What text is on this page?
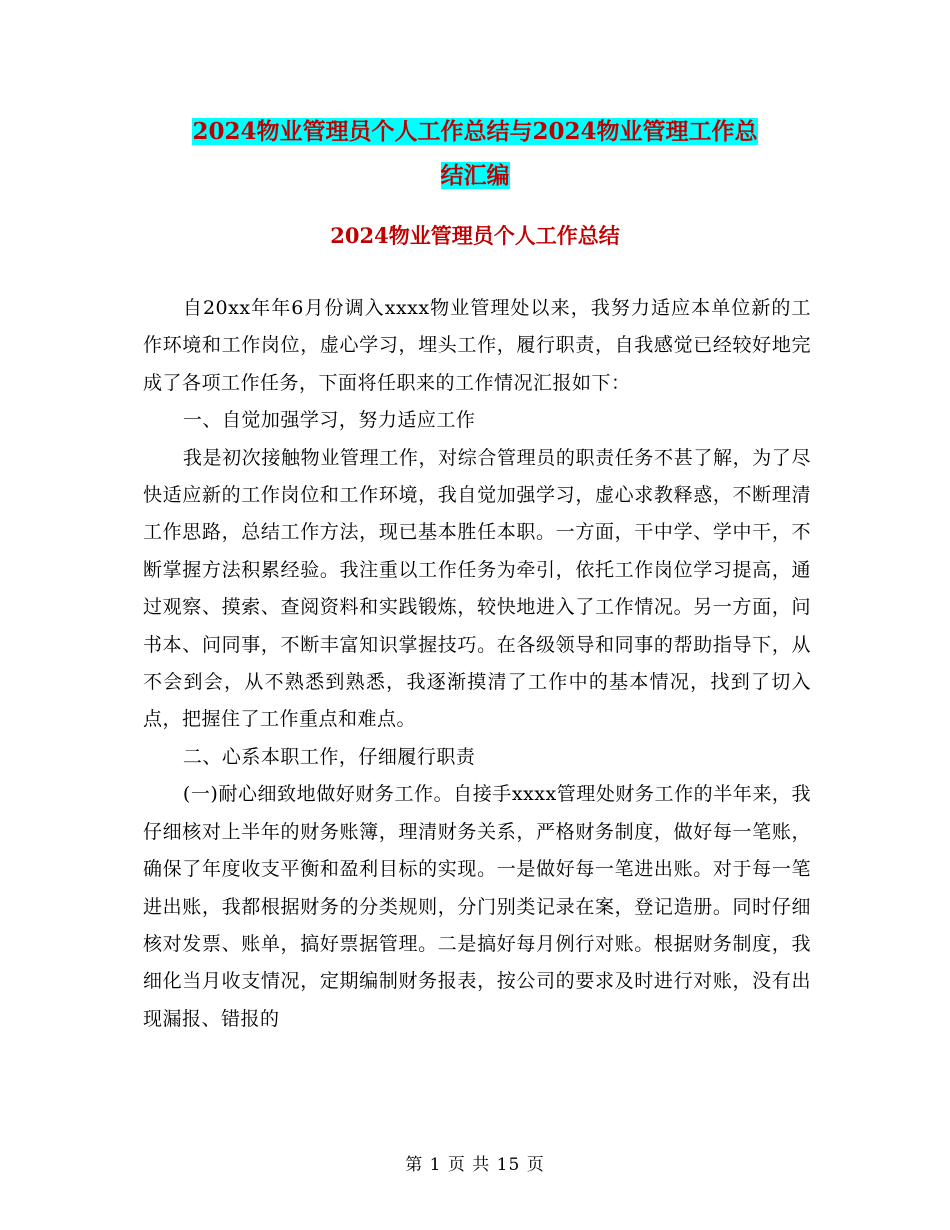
2024物业管理员个人工作总结与2024物业管理工作总
结汇编
2024物业管理员个人工作总结

自20xx年年6月份调入xxxx物业管理处以来，我努力适应本单位新的工作环境和工作岗位，虚心学习，埋头工作，履行职责，自我感觉已经较好地完成了各项工作任务，下面将任职来的工作情况汇报如下：

一、自觉加强学习，努力适应工作

我是初次接触物业管理工作，对综合管理员的职责任务不甚了解，为了尽快适应新的工作岗位和工作环境，我自觉加强学习，虚心求教释惑，不断理清工作思路，总结工作方法，现已基本胜任本职。一方面，干中学、学中干，不断掌握方法积累经验。我注重以工作任务为牵引，依托工作岗位学习提高，通过观察、摸索、查阅资料和实践锻炼，较快地进入了工作情况。另一方面，问书本、问同事，不断丰富知识掌握技巧。在各级领导和同事的帮助指导下，从不会到会，从不熟悉到熟悉，我逐渐摸清了工作中的基本情况，找到了切入点，把握住了工作重点和难点。

二、心系本职工作，仔细履行职责

(一)耐心细致地做好财务工作。自接手xxxx管理处财务工作的半年来，我仔细核对上半年的财务账簿，理清财务关系，严格财务制度，做好每一笔账，确保了年度收支平衡和盈利目标的实现。一是做好每一笔进出账。对于每一笔进出账，我都根据财务的分类规则，分门别类记录在案，登记造册。同时仔细核对发票、账单，搞好票据管理。二是搞好每月例行对账。根据财务制度，我细化当月收支情况，定期编制财务报表，按公司的要求及时进行对账，没有出现漏报、错报的

第 1 页 共 15 页
